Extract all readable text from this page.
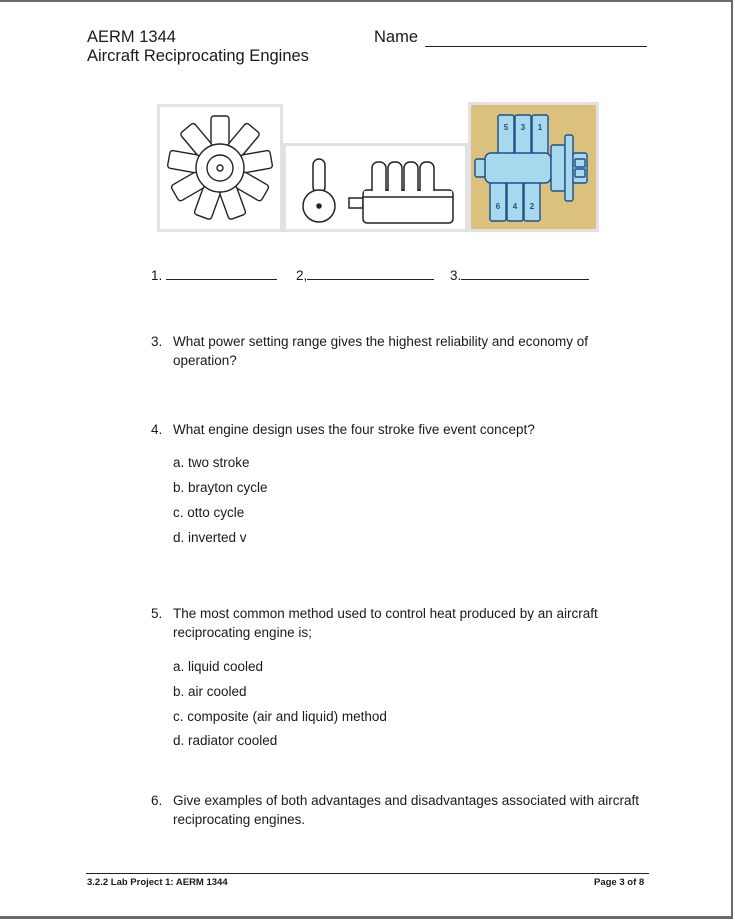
AERM 1344
Aircraft Reciprocating Engines
Name
5 3 1
6 4 2
1.	2,	3.
3. What power setting range gives the highest reliability and economy of operation?
4. What engine design uses the four stroke five event concept?
a. two stroke
b. brayton cycle
c. otto cycle
d. inverted v
5. The most common method used to control heat produced by an aircraft reciprocating engine is;
a. liquid cooled
b. air cooled
c. composite (air and liquid) method
d. radiator cooled
6. Give examples of both advantages and disadvantages associated with aircraft reciprocating engines.
3.2.2 Lab Project 1: AERM 1344	Page 3 of 8
